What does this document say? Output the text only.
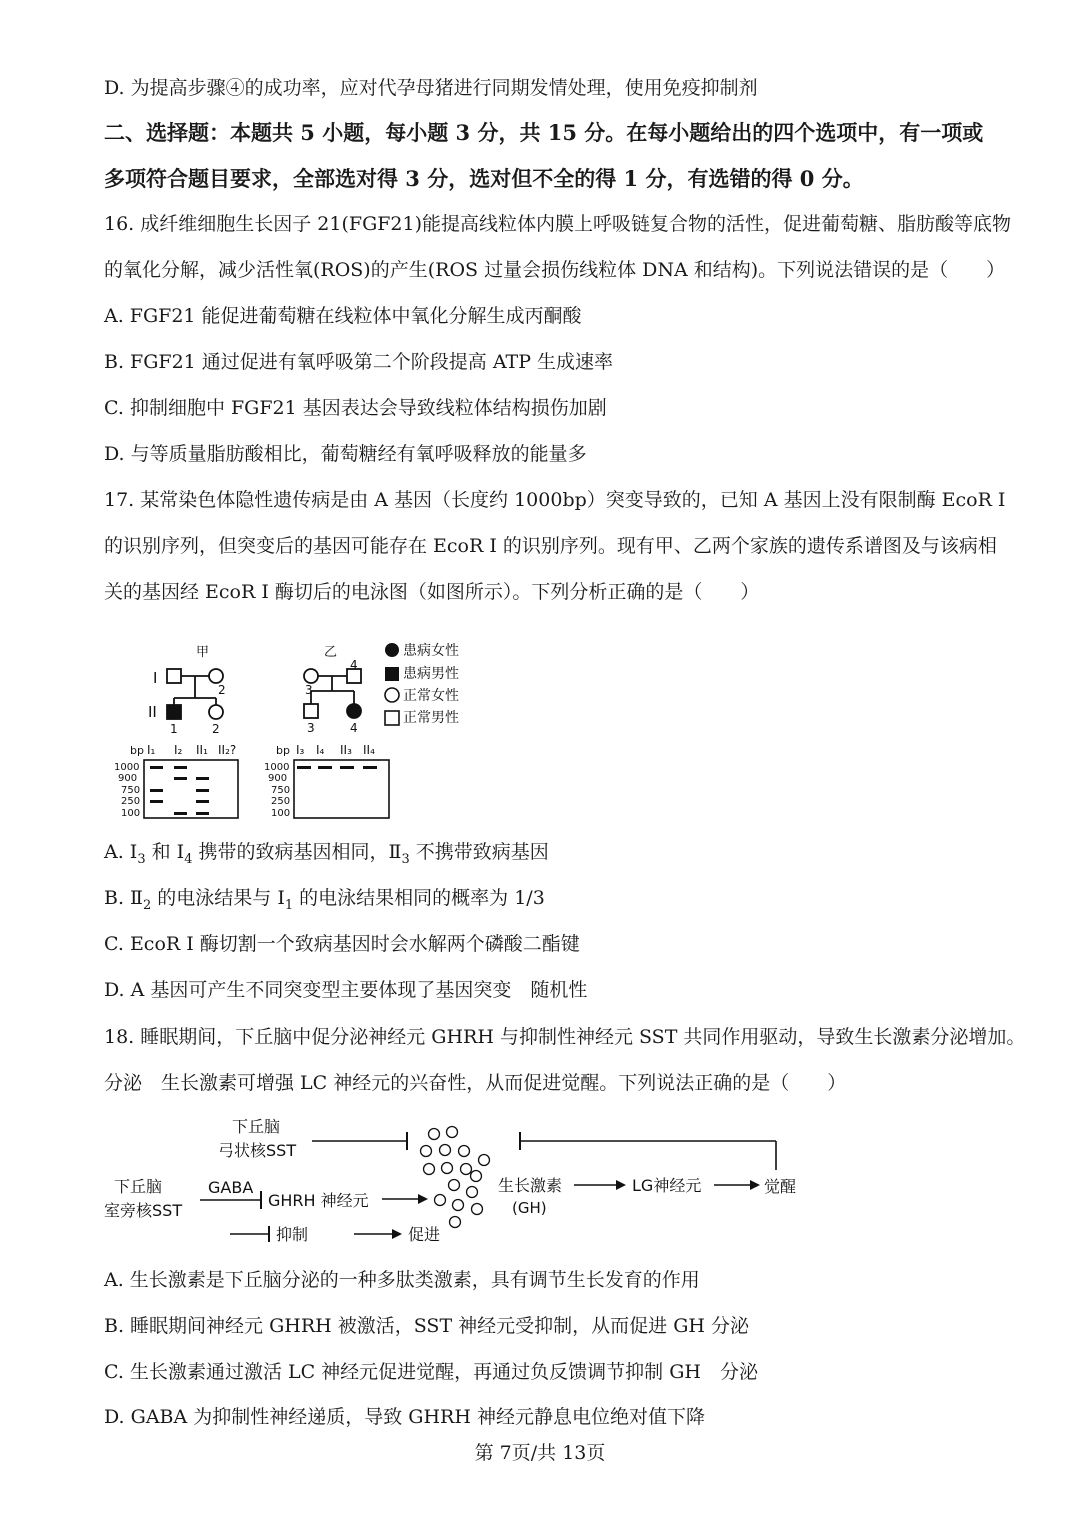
D. 为提高步骤④的成功率，应对代孕母猪进行同期发情处理，使用免疫抑制剂
二、选择题：本题共 5 小题，每小题 3 分，共 15 分。在每小题给出的四个选项中，有一项或
多项符合题目要求，全部选对得 3 分，选对但不全的得 1 分，有选错的得 0 分。
16. 成纤维细胞生长因子 21(FGF21)能提高线粒体内膜上呼吸链复合物的活性，促进葡萄糖、脂肪酸等底物
的氧化分解，减少活性氧(ROS)的产生(ROS 过量会损伤线粒体 DNA 和结构)。下列说法错误的是（　　）
A. FGF21 能促进葡萄糖在线粒体中氧化分解生成丙酮酸
B. FGF21 通过促进有氧呼吸第二个阶段提高 ATP 生成速率
C. 抑制细胞中 FGF21 基因表达会导致线粒体结构损伤加剧
D. 与等质量脂肪酸相比，葡萄糖经有氧呼吸释放的能量多
17. 某常染色体隐性遗传病是由 A 基因（长度约 1000bp）突变导致的，已知 A 基因上没有限制酶 EcoR Ⅰ
的识别序列，但突变后的基因可能存在 EcoR Ⅰ 的识别序列。现有甲、乙两个家族的遗传系谱图及与该病相
关的基因经 EcoR Ⅰ 酶切后的电泳图（如图所示）。下列分析正确的是（　　）
甲
I
2
II
1	2
乙
4
3
3	4
患病女性
患病男性
正常女性
正常男性
bp I₁ I₂ II₁ II₂?
1000
900
750
250
100
bp I₃ I₄ II₃ II₄
1000
900
750
250
100
A. $Ⅰ_3$ 和 $Ⅰ_4$ 携带的致病基因相同，$Ⅱ_3$ 不携带致病基因
B. $Ⅱ_2$ 的电泳结果与 $Ⅰ_1$ 的电泳结果相同的概率为 1/3
C. EcoR Ⅰ 酶切割一个致病基因时会水解两个磷酸二酯键
D. A 基因可产生不同突变型主要体现了基因突变　随机性
18. 睡眠期间，下丘脑中促分泌神经元 GHRH 与抑制性神经元 SST 共同作用驱动，导致生长激素分泌增加。
分泌　生长激素可增强 LC 神经元的兴奋性，从而促进觉醒。下列说法正确的是（　　）
下丘脑
弓状核SST
下丘脑
室旁核SST
GABA
GHRH 神经元
生长激素
(GH)
LG神经元	觉醒
抑制	促进
A. 生长激素是下丘脑分泌的一种多肽类激素，具有调节生长发育的作用
B. 睡眠期间神经元 GHRH 被激活，SST 神经元受抑制，从而促进 GH 分泌
C. 生长激素通过激活 LC 神经元促进觉醒，再通过负反馈调节抑制 GH　分泌
D. GABA 为抑制性神经递质，导致 GHRH 神经元静息电位绝对值下降
第 7页/共 13页
